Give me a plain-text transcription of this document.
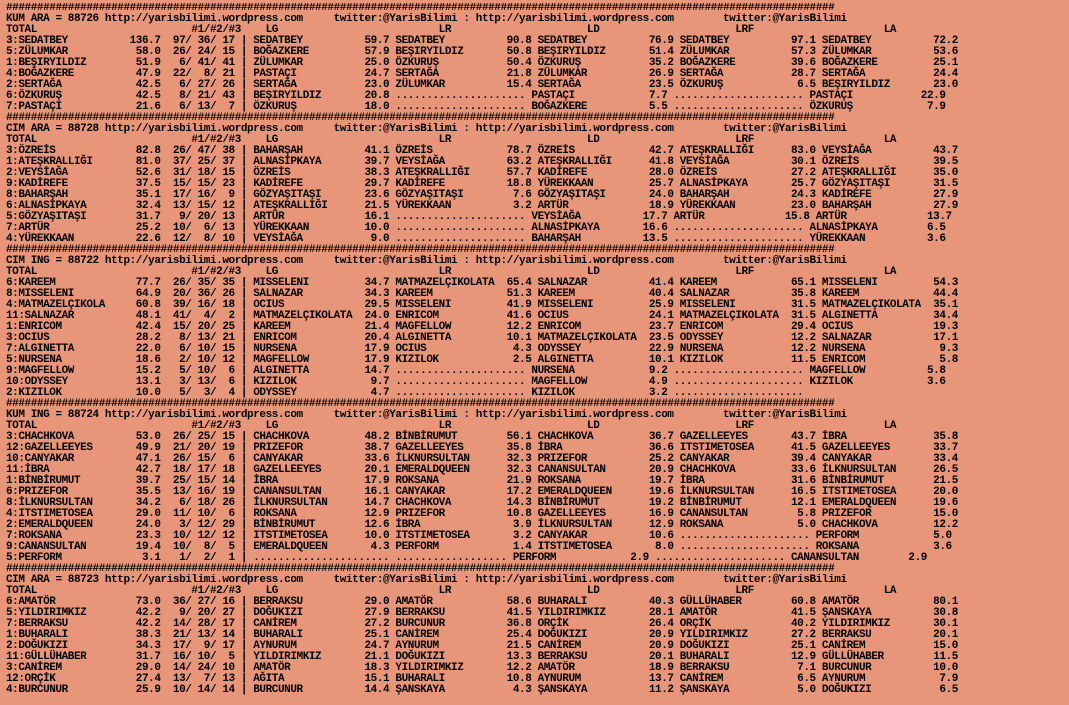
######################################################################################################################################
KUM ARA = 88726 http://yarisbilimi.wordpress.com     twitter:@YarisBilimi : http://yarisbilimi.wordpress.com        twitter:@YarisBilimi
TOTAL                         #1/#2/#3    LG                          LR                      LD                      LRF                     LA
3:SEDATBEY          136.7  97/ 36/ 17 | SEDATBEY          59.7 SEDATBEY          90.8 SEDATBEY          76.9 SEDATBEY          97.1 SEDATBEY          72.2
5:ZÜLUMKAR           58.0  26/ 24/ 15 | BOĞAZKERE         57.9 BEŞIRYILDIZ       50.8 BEŞIRYILDIZ       51.4 ZÜLUMKAR          57.3 ZÜLUMKAR          53.6
1:BEŞIRYILDIZ        51.9   6/ 41/ 41 | ZÜLUMKAR          25.0 ÖZKURUŞ           50.4 ÖZKURUŞ           35.2 BOĞAZKERE         39.6 BOĞAZKERE         25.1
4:BOĞAZKERE          47.9  22/  8/ 21 | PASTAÇI           24.7 SERTAĞA           21.8 ZÜLUMKAR          26.9 SERTAĞA           28.7 SERTAĞA           24.4
2:SERTAĞA            42.5   6/ 27/ 26 | SERTAĞA           23.0 ZÜLUMKAR          15.4 SERTAĞA           23.5 ÖZKURUŞ            6.5 BEŞIRYILDIZ       23.0
6:ÖZKURUŞ            42.5   8/ 21/ 43 | BEŞIRYILDIZ       20.8 ..................... PASTAÇI            7.7 ..................... PASTAÇI           22.9
7:PASTAÇI            21.6   6/ 13/  7 | ÖZKURUŞ           18.0 ..................... BOĞAZKERE          5.5 ..................... ÖZKURUŞ            7.9
######################################################################################################################################
CIM ARA = 88728 http://yarisbilimi.wordpress.com     twitter:@YarisBilimi : http://yarisbilimi.wordpress.com        twitter:@YarisBilimi
TOTAL                         #1/#2/#3    LG                          LR                      LD                      LRF                     LA
3:ÖZREİS             82.8  26/ 47/ 38 | BAHARŞAH          41.1 ÖZREİS            78.7 ÖZREİS            42.7 ATEŞKRALLIĞI      83.0 VEYSİAĞA          43.7
1:ATEŞKRALLIĞI       81.0  37/ 25/ 37 | ALNASİPKAYA       39.7 VEYSİAĞA          63.2 ATEŞKRALLIĞI      41.8 VEYSİAĞA          30.1 ÖZREİS            39.5
2:VEYSİAĞA           52.6  31/ 18/ 15 | ÖZREİS            38.3 ATEŞKRALLIĞI      57.7 KADİREFE          28.0 ÖZREİS            27.2 ATEŞKRALLIĞI      35.0
9:KADİREFE           37.5  15/ 15/ 23 | KADİREFE          29.7 KADİREFE          18.8 YÜREKKAAN         25.7 ALNASİPKAYA       25.7 GÖZYAŞITAŞI       31.5
8:BAHARŞAH           35.1  17/ 16/  9 | GÖZYAŞITAŞI       23.6 GÖZYAŞITAŞI        7.6 GÖZYAŞITAŞI       24.0 BAHARŞAH          24.3 KADİREFE          27.9
6:ALNASİPKAYA        32.4  13/ 15/ 12 | ATEŞKRALLIĞI      21.5 YÜREKKAAN          3.2 ARTÜR             18.9 YÜREKKAAN         23.0 BAHARŞAH          27.9
5:GÖZYAŞITAŞI        31.7   9/ 20/ 13 | ARTÜR             16.1 ..................... VEYSİAĞA          17.7 ARTÜR             15.8 ARTÜR             13.7
7:ARTÜR              25.2  10/  6/ 13 | YÜREKKAAN         10.0 ..................... ALNASİPKAYA       16.6 ..................... ALNASİPKAYA        6.5
4:YÜREKKAAN          22.6  12/  8/ 10 | VEYSİAĞA           9.0 ..................... BAHARŞAH          13.5 ..................... YÜREKKAAN          3.6
######################################################################################################################################
CIM ING = 88722 http://yarisbilimi.wordpress.com     twitter:@YarisBilimi : http://yarisbilimi.wordpress.com        twitter:@YarisBilimi
TOTAL                         #1/#2/#3    LG                          LR                      LD                      LRF                     LA
6:KAREEM             77.7  26/ 35/ 35 | MISSELENI         34.7 MATMAZELÇIKOLATA  65.4 SALNAZAR          41.4 KAREEM            65.1 MISSELENI         54.3
8:MISSELENI          64.9  20/ 36/ 26 | SALNAZAR          34.3 KAREEM            51.3 KAREEM            40.4 SALNAZAR          35.8 KAREEM            44.4
4:MATMAZELÇIKOLA     60.8  39/ 16/ 18 | OCIUS             29.5 MISSELENI         41.9 MISSELENI         25.9 MISSELENI         31.5 MATMAZELÇIKOLATA  35.1
11:SALNAZAR          48.1  41/  4/  2 | MATMAZELÇIKOLATA  24.0 ENRICOM           41.6 OCIUS             24.1 MATMAZELÇIKOLATA  31.5 ALGINETTA         34.4
1:ENRICOM            42.4  15/ 20/ 25 | KAREEM            21.4 MAGFELLOW         12.2 ENRICOM           23.7 ENRICOM           29.4 OCIUS             19.3
3:OCIUS              28.2   8/ 13/ 21 | ENRICOM           20.4 ALGINETTA         10.1 MATMAZELÇIKOLATA  23.5 ODYSSEY           12.2 SALNAZAR          17.1
7:ALGINETTA          22.0   6/ 10/ 15 | NURSENA           17.9 OCIUS              4.3 ODYSSEY           22.9 NURSENA           12.2 NURSENA            9.3
5:NURSENA            18.6   2/ 10/ 12 | MAGFELLOW         17.9 KIZILOK            2.5 ALGINETTA         10.1 KIZILOK           11.5 ENRICOM            5.8
9:MAGFELLOW          15.2   5/ 10/  6 | ALGINETTA         14.7 ..................... NURSENA            9.2 ..................... MAGFELLOW          5.8
10:ODYSSEY           13.1   3/ 13/  6 | KIZILOK            9.7 ..................... MAGFELLOW          4.9 ..................... KIZILOK            3.6
2:KIZILOK            10.0   5/  3/  4 | ODYSSEY            4.7 ..................... KIZILOK            3.2 .....................
######################################################################################################################################
KUM ING = 88724 http://yarisbilimi.wordpress.com     twitter:@YarisBilimi : http://yarisbilimi.wordpress.com        twitter:@YarisBilimi
TOTAL                         #1/#2/#3    LG                          LR                      LD                      LRF                     LA
3:CHACHKOVA          53.0  26/ 25/ 15 | CHACHKOVA         48.2 BİNBİRUMUT        56.1 CHACHKOVA         36.7 GAZELLEEYES       43.7 İBRA              35.8
12:GAZELLEEYES       49.9  21/ 20/ 19 | PRIZEFOR          38.7 GAZELLEEYES       35.8 İBRA              36.6 ITSTIMETOSEA      41.5 GAZELLEEYES       33.7
10:CANYAKAR          47.1  26/ 15/  6 | CANYAKAR          33.6 İLKNURSULTAN      32.3 PRIZEFOR          25.2 CANYAKAR          39.4 CANYAKAR          33.4
11:İBRA              42.7  18/ 17/ 18 | GAZELLEEYES       20.1 EMERALDQUEEN      32.3 CANANSULTAN       20.9 CHACHKOVA         33.6 İLKNURSULTAN      26.5
1:BİNBİRUMUT         39.7  25/ 15/ 14 | İBRA              17.9 ROKSANA           21.9 ROKSANA           19.7 İBRA              31.6 BİNBİRUMUT        21.5
6:PRIZEFOR           35.5  13/ 16/ 19 | CANANSULTAN       16.1 CANYAKAR          17.2 EMERALDQUEEN      19.6 İLKNURSULTAN      16.5 ITSTIMETOSEA      20.0
8:İLKNURSULTAN       34.2   6/ 18/ 26 | İLKNURSULTAN      14.7 CHACHKOVA         14.3 BİNBİRUMUT        19.2 BİNBİRUMUT        12.1 EMERALDQUEEN      19.6
4:ITSTIMETOSEA       29.0  11/ 10/  6 | ROKSANA           12.9 PRIZEFOR          10.8 GAZELLEEYES       16.9 CANANSULTAN        5.8 PRIZEFOR          15.0
2:EMERALDQUEEN       24.0   3/ 12/ 29 | BİNBİRUMUT        12.6 İBRA               3.9 İLKNURSULTAN      12.9 ROKSANA            5.0 CHACHKOVA         12.2
7:ROKSANA            23.3  10/ 12/ 12 | ITSTIMETOSEA      10.0 ITSTIMETOSEA       3.2 CANYAKAR          10.6 ..................... PERFORM            5.0
9:CANANSULTAN        19.4  10/  8/  5 | EMERALDQUEEN       4.3 PERFORM            1.4 ITSTIMETOSEA       8.0 ..................... ROKSANA            3.6
5:PERFORM             3.1   1/  2/  1 | ...................... .................. PERFORM            2.9 ..................... CANANSULTAN        2.9
######################################################################################################################################
CIM ARA = 88723 http://yarisbilimi.wordpress.com     twitter:@YarisBilimi : http://yarisbilimi.wordpress.com        twitter:@YarisBilimi
TOTAL                         #1/#2/#3    LG                          LR                      LD                      LRF                     LA
6:AMATÖR             73.0  36/ 27/ 16 | BERRAKSU          29.0 AMATÖR            58.6 BUHARALI          40.3 GÜLLÜHABER        60.8 AMATÖR            80.1
5:YILDIRIMKIZ        42.2   9/ 20/ 27 | DOĞUKIZI          27.9 BERRAKSU          41.5 YILDIRIMKIZ       28.1 AMATÖR            41.5 ŞANSKAYA          30.8
7:BERRAKSU           42.2  14/ 28/ 17 | CANİREM           27.2 BURCUNUR          36.8 ORÇİK             26.4 ORÇİK             40.2 YILDIRIMKIZ       30.1
1:BUHARALI           38.3  21/ 13/ 14 | BUHARALI          25.1 CANİREM           25.4 DOĞUKIZI          20.9 YILDIRIMKIZ       27.2 BERRAKSU          20.1
2:DOĞUKIZI           34.3  17/  9/ 17 | AYNURUM           24.7 AYNURUM           21.5 CANİREM           20.9 DOĞUKIZI          25.1 CANİREM           15.0
11:GÜLLÜHABER        31.7  16/ 10/  5 | YILDIRIMKIZ       21.1 DOĞUKIZI          13.3 BERRAKSU          20.1 BUHARALI          12.9 GÜLLÜHABER        11.5
3:CANİREM            29.0  14/ 24/ 10 | AMATÖR            18.3 YILDIRIMKIZ       12.2 AMATÖR            18.9 BERRAKSU           7.1 BURCUNUR          10.0
12:ORÇİK             27.4  13/  7/ 13 | AĞITA             15.1 BUHARALI          10.8 AYNURUM           13.7 CANİREM            6.5 AYNURUM            7.9
4:BURCUNUR           25.9  10/ 14/ 14 | BURCUNUR          14.4 ŞANSKAYA           4.3 ŞANSKAYA          11.2 ŞANSKAYA           5.0 DOĞUKIZI           6.5
